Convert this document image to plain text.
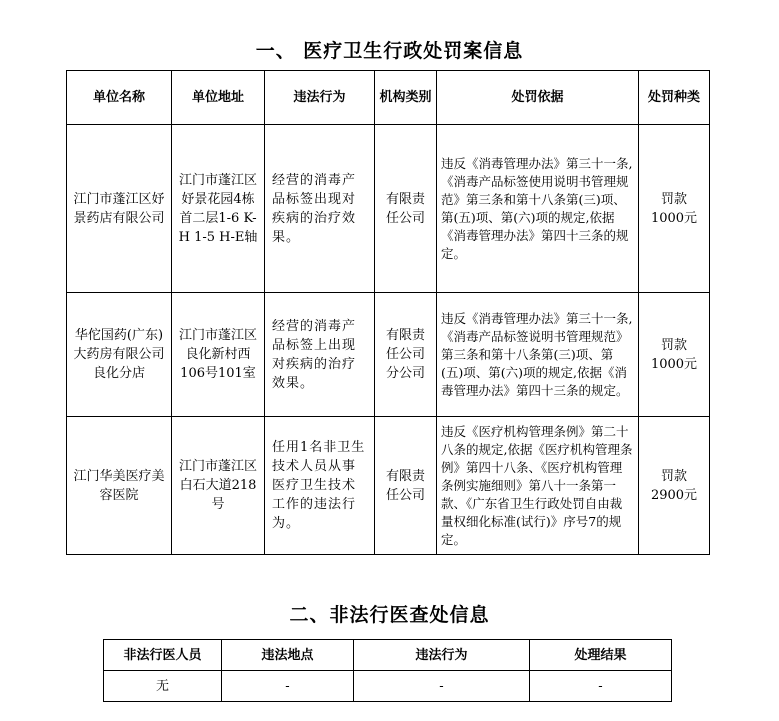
一、 医疗卫生行政处罚案信息
单位名称	单位地址	违法行为	机构类别	处罚依据	处罚种类
江门市蓬江区妤景药店有限公司	江门市蓬江区妤景花园4栋首二层1-6 K-H 1-5 H-E轴	经营的消毒产品标签出现对疾病的治疗效果。	有限责任公司	违反《消毒管理办法》第三十一条,《消毒产品标签使用说明书管理规范》第三条和第十八条第(三)项、第(五)项、第(六)项的规定,依据《消毒管理办法》第四十三条的规定。	罚款 1000元
华佗国药(广东)大药房有限公司良化分店	江门市蓬江区良化新村西106号101室	经营的消毒产品标签上出现对疾病的治疗效果。	有限责任公司分公司	违反《消毒管理办法》第三十一条,《消毒产品标签说明书管理规范》第三条和第十八条第(三)项、第(五)项、第(六)项的规定,依据《消毒管理办法》第四十三条的规定。	罚款 1000元
江门华美医疗美容医院	江门市蓬江区白石大道218号	任用1名非卫生技术人员从事医疗卫生技术工作的违法行为。	有限责任公司	违反《医疗机构管理条例》第二十八条的规定,依据《医疗机构管理条例》第四十八条、《医疗机构管理条例实施细则》第八十一条第一款、《广东省卫生行政处罚自由裁量权细化标准(试行)》序号7的规定。	罚款 2900元
二、非法行医查处信息
非法行医人员	违法地点	违法行为	处理结果
无	-	-	-
